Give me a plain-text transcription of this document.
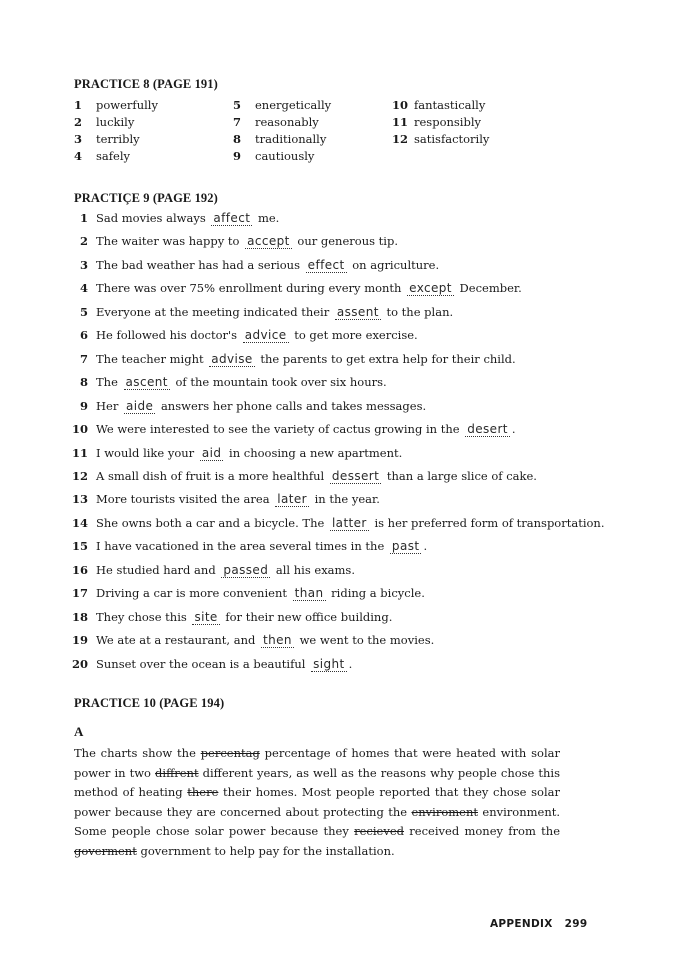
PRACTICE 8 (PAGE 191)
1 powerfully
2 luckily
3 terribly
4 safely
5 energetically
7 reasonably
8 traditionally
9 cautiously
10 fantastically
11 responsibly
12 satisfactorily
PRACTIÇE 9 (PAGE 192)
1 Sad movies always affect me.
2 The waiter was happy to accept our generous tip.
3 The bad weather has had a serious effect on agriculture.
4 There was over 75% enrollment during every month except December.
5 Everyone at the meeting indicated their assent to the plan.
6 He followed his doctor's advice to get more exercise.
7 The teacher might advise the parents to get extra help for their child.
8 The ascent of the mountain took over six hours.
9 Her aide answers her phone calls and takes messages.
10 We were interested to see the variety of cactus growing in the desert .
11 I would like your aid in choosing a new apartment.
12 A small dish of fruit is a more healthful dessert than a large slice of cake.
13 More tourists visited the area later in the year.
14 She owns both a car and a bicycle. The latter is her preferred form of transportation.
15 I have vacationed in the area several times in the past .
16 He studied hard and passed all his exams.
17 Driving a car is more convenient than riding a bicycle.
18 They chose this site for their new office building.
19 We ate at a restaurant, and then we went to the movies.
20 Sunset over the ocean is a beautiful sight .
PRACTICE 10 (PAGE 194)
A
The charts show the percentag percentage of homes that were heated with solar power in two diffrent different years, as well as the reasons why people chose this method of heating there their homes. Most people reported that they chose solar power because they are concerned about protecting the enviroment environment. Some people chose solar power because they recieved received money from the goverment government to help pay for the installation.
APPENDIX 299
